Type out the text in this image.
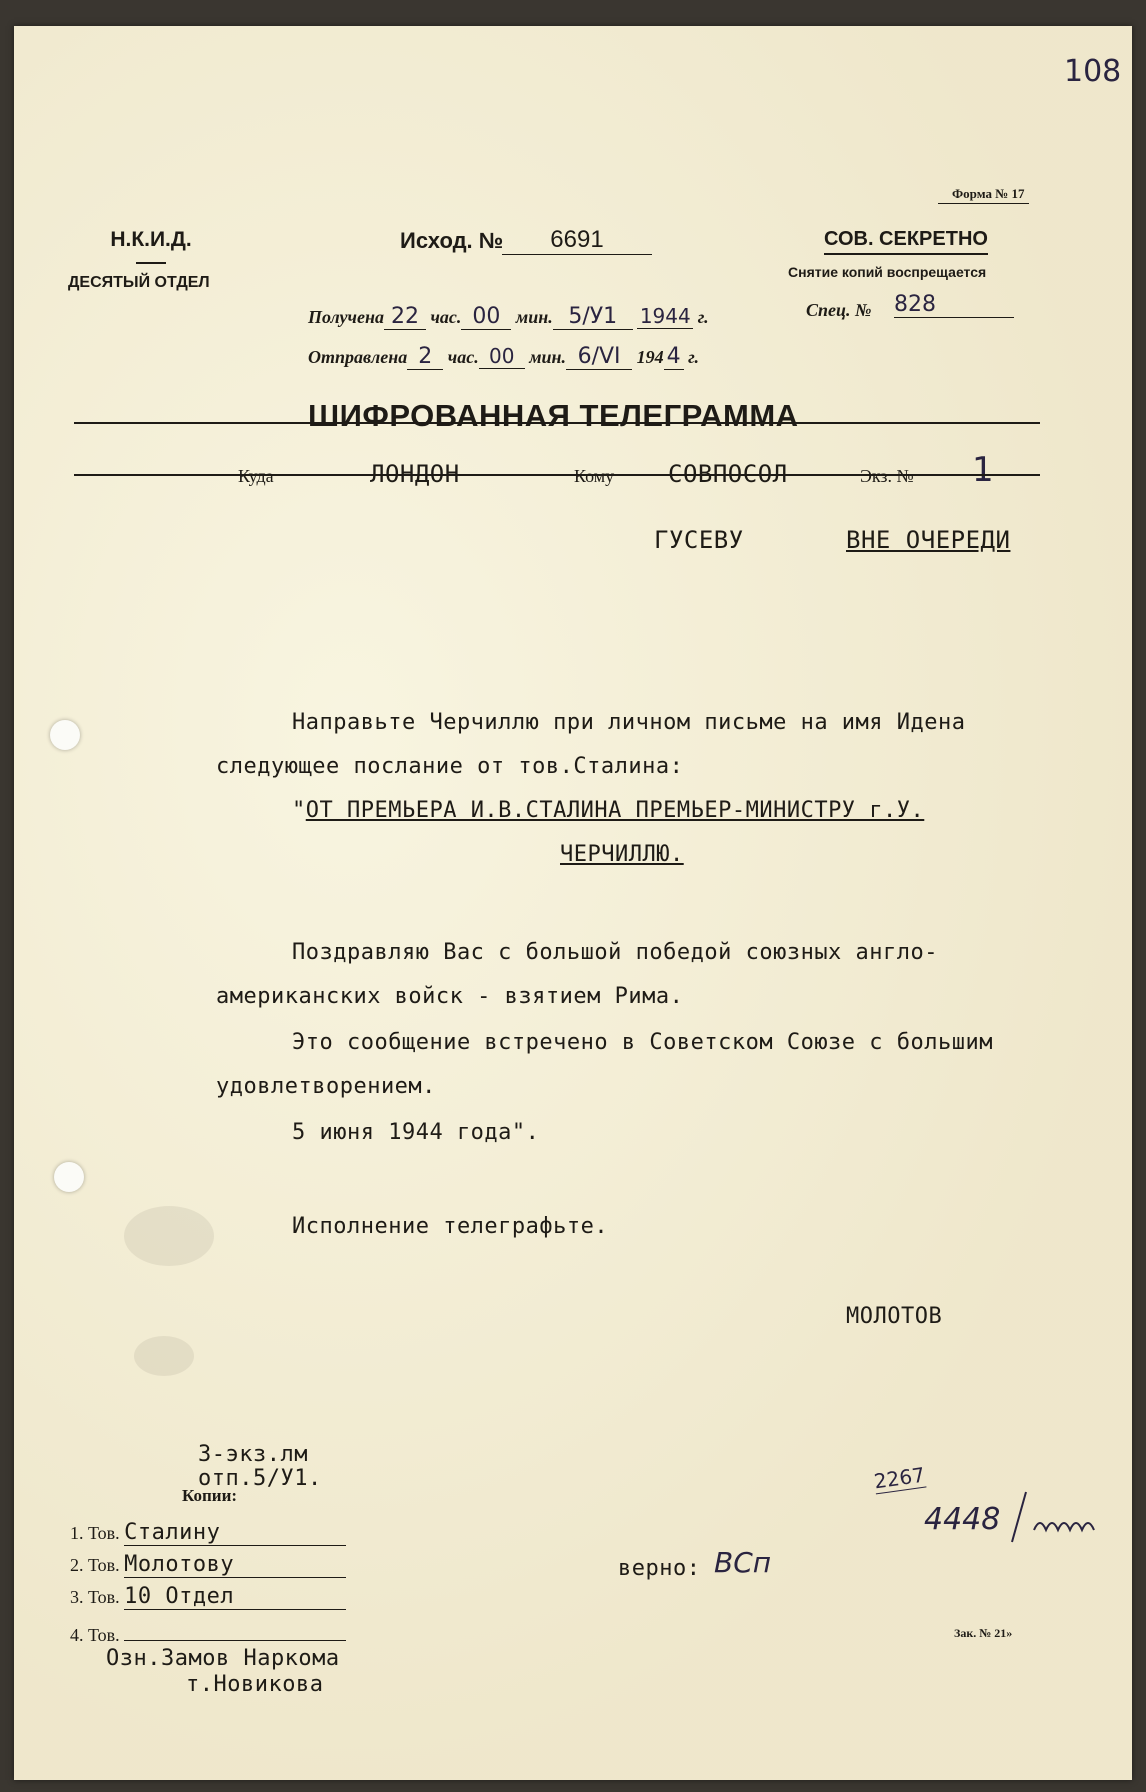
108
Форма № 17
Н.К.И.Д.
ДЕСЯТЫЙ ОТДЕЛ
Исход. №	6691	СОВ. СЕКРЕТНО
Снятие копий воспрещается
Спец. № 828
Получена 22 час. 00 мин. 5/У1 1944 г.
Отправлена 2 час. 00 мин. 6/VI 194 4 г.
ШИФРОВАННАЯ ТЕЛЕГРАММА
Куда	ЛОНДОН	Кому СОВПОСОЛ	Экз. № 1
ГУСЕВУ	ВНЕ ОЧЕРЕДИ
Направьте Черчиллю при личном письме на имя Идена
следующее послание от тов.Сталина:
"ОТ ПРЕМЬЕРА И.В.СТАЛИНА ПРЕМЬЕР-МИНИСТРУ г.У.
ЧЕРЧИЛЛЮ.
Поздравляю Вас с большой победой союзных англо-
американских войск - взятием Рима.
Это сообщение встречено в Советском Союзе с большим
удовлетворением.
5 июня 1944 года".
Исполнение телеграфьте.
МОЛОТОВ
3-экз.лм
отп.5/У1.
Копии:
1. Тов. Сталину
2. Тов. Молотову
3. Тов. 10 Отдел
4. Тов.
Озн.Замов Наркома
т.Новикова
верно: ВСп
2267
4448
Зак. № 21»
